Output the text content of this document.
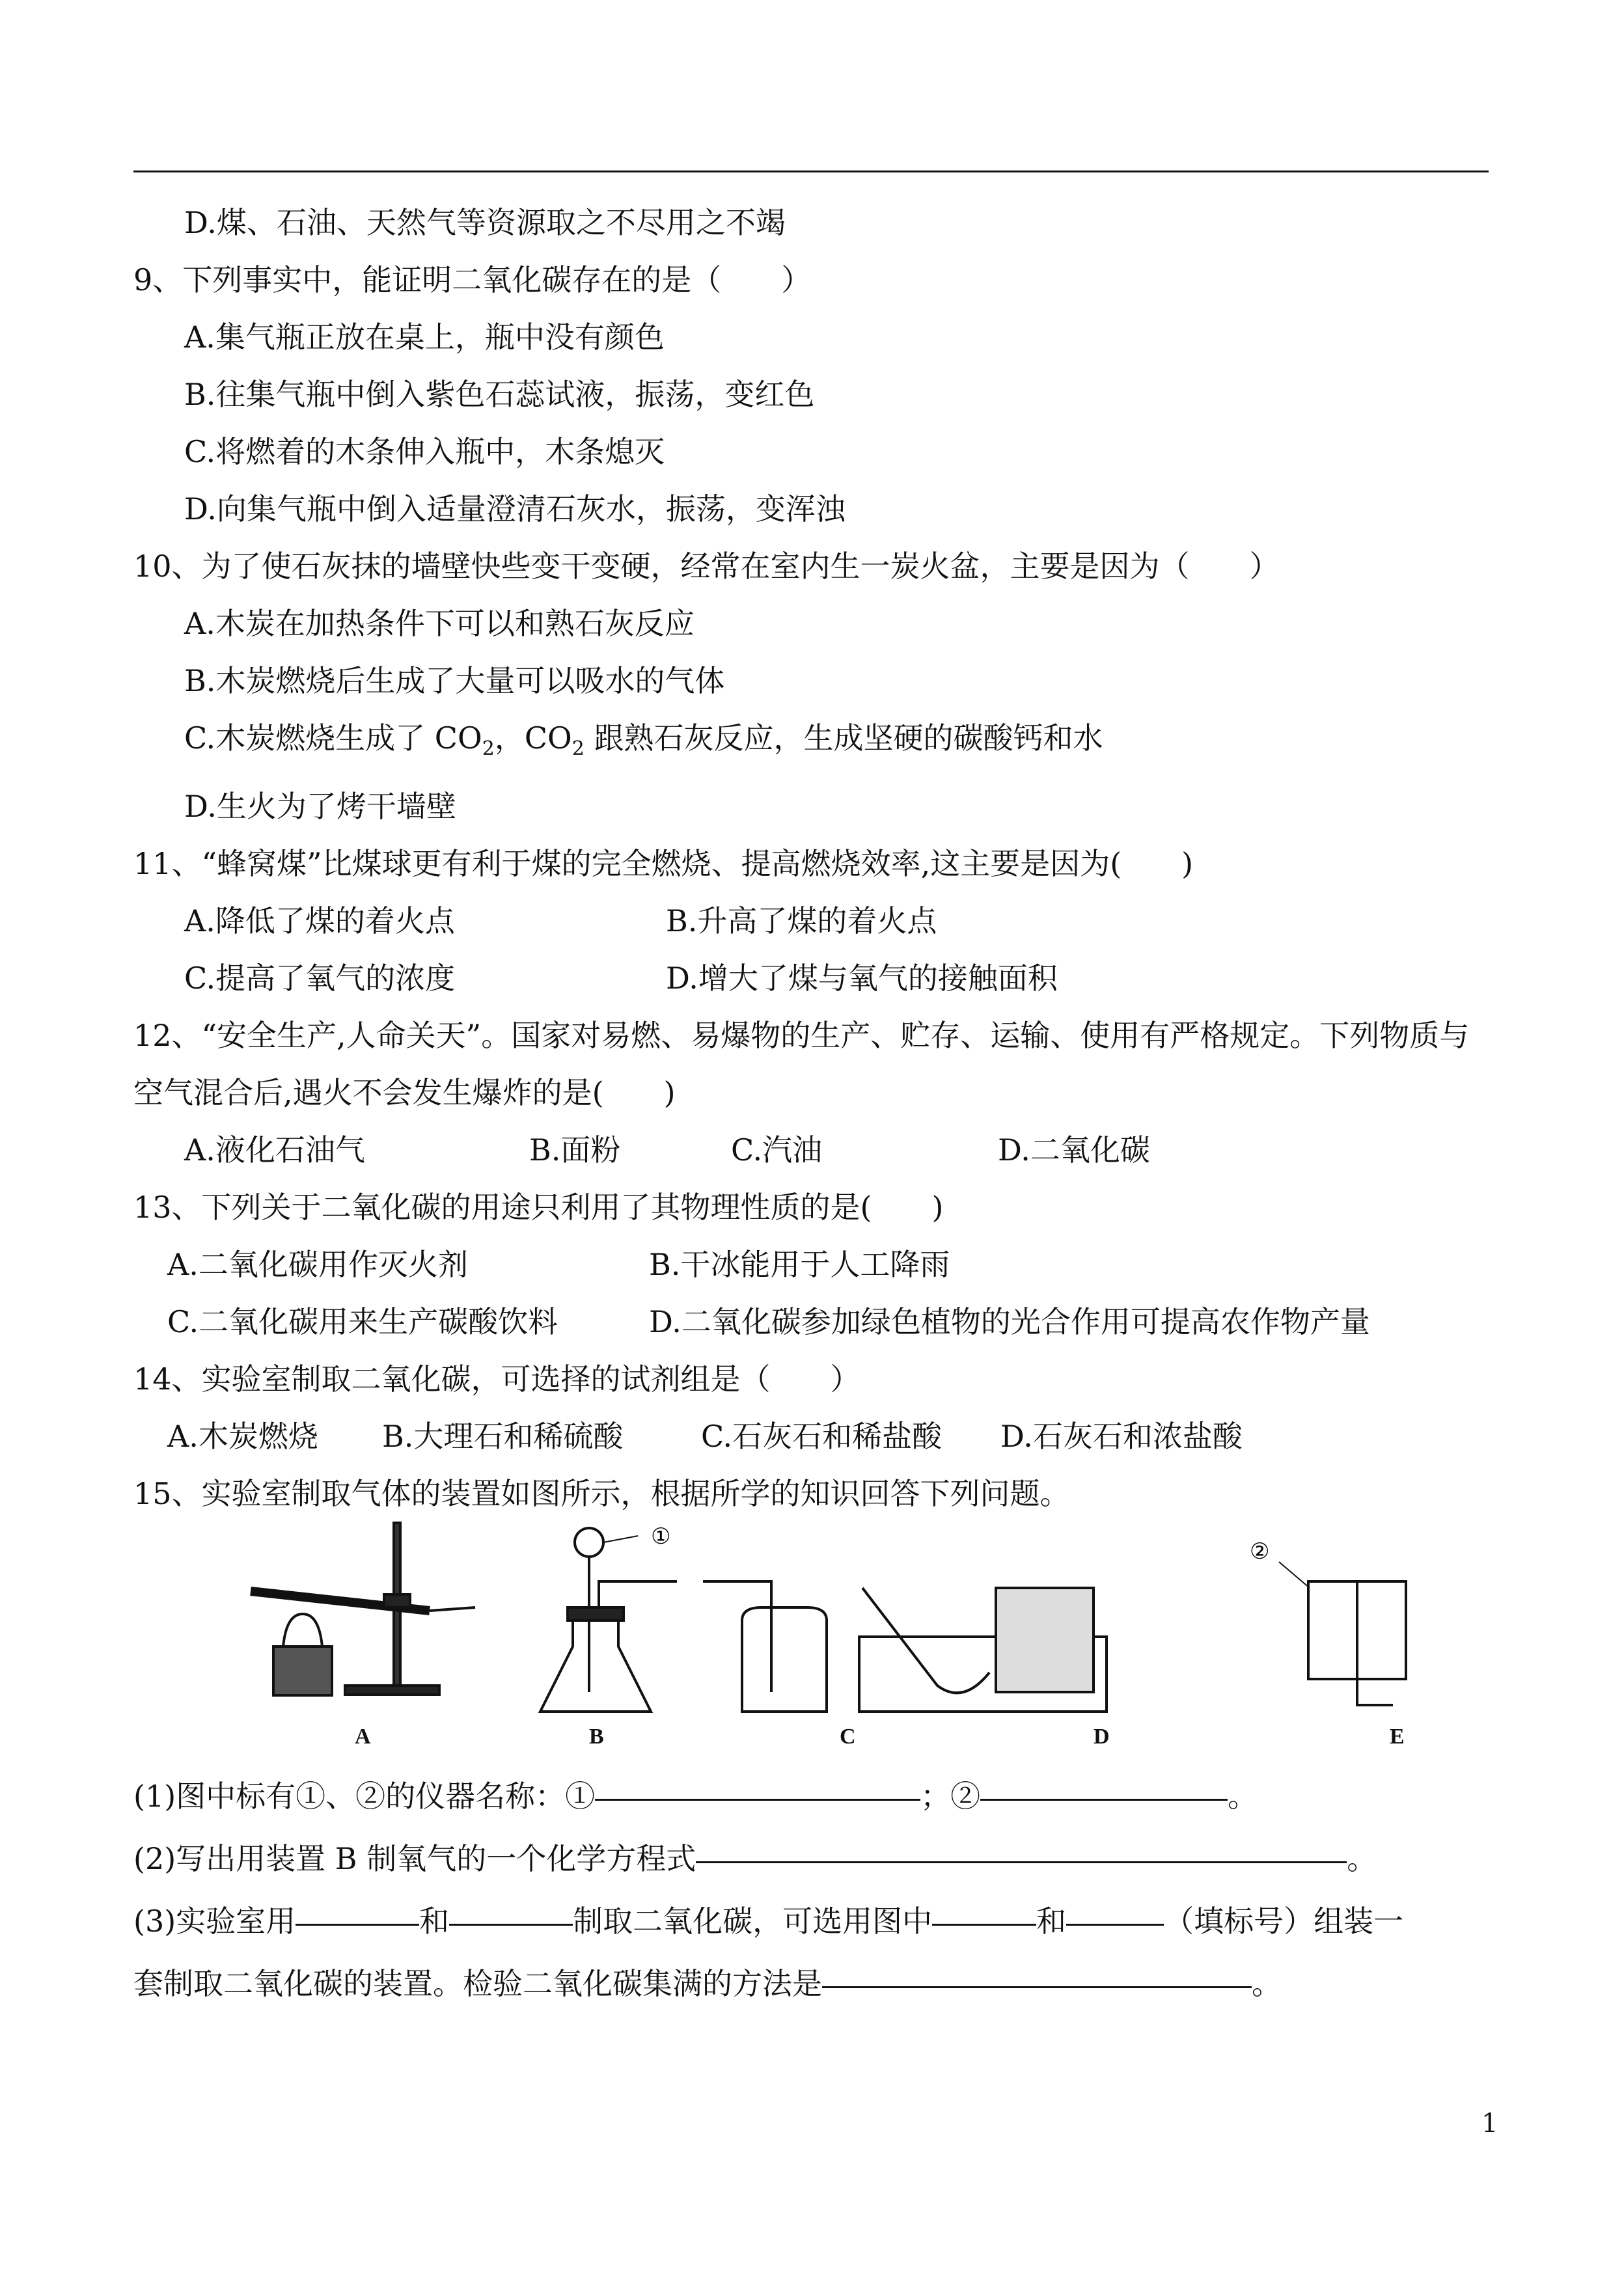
D.煤、石油、天然气等资源取之不尽用之不竭

9、下列事实中，能证明二氧化碳存在的是（　　）

A.集气瓶正放在桌上，瓶中没有颜色

B.往集气瓶中倒入紫色石蕊试液，振荡，变红色

C.将燃着的木条伸入瓶中，木条熄灭

D.向集气瓶中倒入适量澄清石灰水，振荡，变浑浊

10、为了使石灰抹的墙壁快些变干变硬，经常在室内生一炭火盆，主要是因为（　　）

A.木炭在加热条件下可以和熟石灰反应

B.木炭燃烧后生成了大量可以吸水的气体

C.木炭燃烧生成了 $CO_2$，$CO_2$ 跟熟石灰反应，生成坚硬的碳酸钙和水

D.生火为了烤干墙壁

11、“蜂窝煤”比煤球更有利于煤的完全燃烧、提高燃烧效率,这主要是因为(　　)

A.降低了煤的着火点	B.升高了煤的着火点
C.提高了氧气的浓度	D.增大了煤与氧气的接触面积

12、“安全生产,人命关天”。国家对易燃、易爆物的生产、贮存、运输、使用有严格规定。下列物质与空气混合后,遇火不会发生爆炸的是(　　)

A.液化石油气	B.面粉	C.汽油	D.二氧化碳

13、下列关于二氧化碳的用途只利用了其物理性质的是(　　)

A.二氧化碳用作灭火剂	B.干冰能用于人工降雨
C.二氧化碳用来生产碳酸饮料	D.二氧化碳参加绿色植物的光合作用可提高农作物产量

14、实验室制取二氧化碳，可选择的试剂组是（　　）

A.木炭燃烧	B.大理石和稀硫酸	C.石灰石和稀盐酸	D.石灰石和浓盐酸

15、实验室制取气体的装置如图所示，根据所学的知识回答下列问题。

①
②
A	B	C	D	E
(1)图中标有①、②的仪器名称：①	；②	。
(2)写出用装置 B 制氧气的一个化学方程式	。
(3)实验室用	和	制取二氧化碳，可选用图中	和	（填标号）组装一
套制取二氧化碳的装置。检验二氧化碳集满的方法是	。
1
